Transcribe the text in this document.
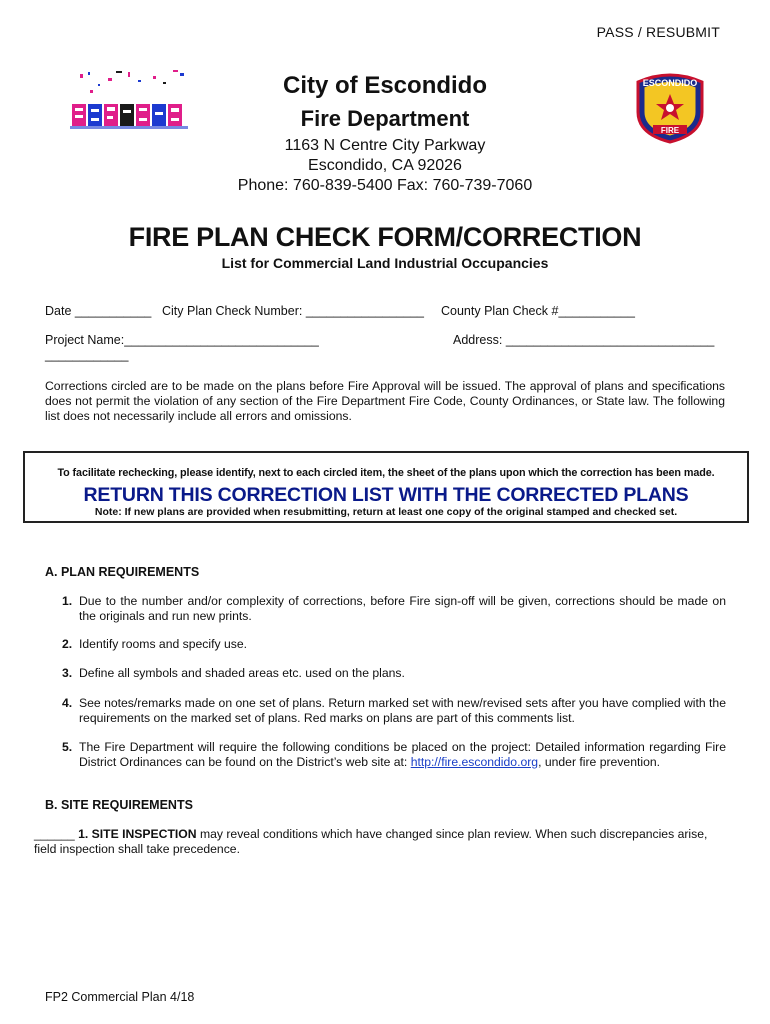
PASS / RESUBMIT
ESCONDIDO
FIRE
City of Escondido
Fire Department
1163 N Centre City Parkway
Escondido, CA 92026
Phone: 760-839-5400 Fax: 760-739-7060
FIRE PLAN CHECK FORM/CORRECTION
List for Commercial Land Industrial Occupancies
Date ___________ City Plan Check Number: _________________ County Plan Check #___________
Project Name:____________________________	Address: ______________________________
____________
Corrections circled are to be made on the plans before Fire Approval will be issued. The approval of plans and specifications does not permit the violation of any section of the Fire Department Fire Code, County Ordinances, or State law. The following list does not necessarily include all errors and omissions.
To facilitate rechecking, please identify, next to each circled item, the sheet of the plans upon which the correction has been made.
RETURN THIS CORRECTION LIST WITH THE CORRECTED PLANS
Note: If new plans are provided when resubmitting, return at least one copy of the original stamped and checked set.
A. PLAN REQUIREMENTS
1. Due to the number and/or complexity of corrections, before Fire sign-off will be given, corrections should be made on the originals and run new prints.
2. Identify rooms and specify use.
3. Define all symbols and shaded areas etc. used on the plans.
4. See notes/remarks made on one set of plans. Return marked set with new/revised sets after you have complied with the requirements on the marked set of plans. Red marks on plans are part of this comments list.
5. The Fire Department will require the following conditions be placed on the project: Detailed information regarding Fire District Ordinances can be found on the District’s web site at: http://fire.escondido.org, under fire prevention.
B. SITE REQUIREMENTS
______ 1. SITE INSPECTION may reveal conditions which have changed since plan review. When such discrepancies arise, field inspection shall take precedence.
FP2 Commercial Plan 4/18
